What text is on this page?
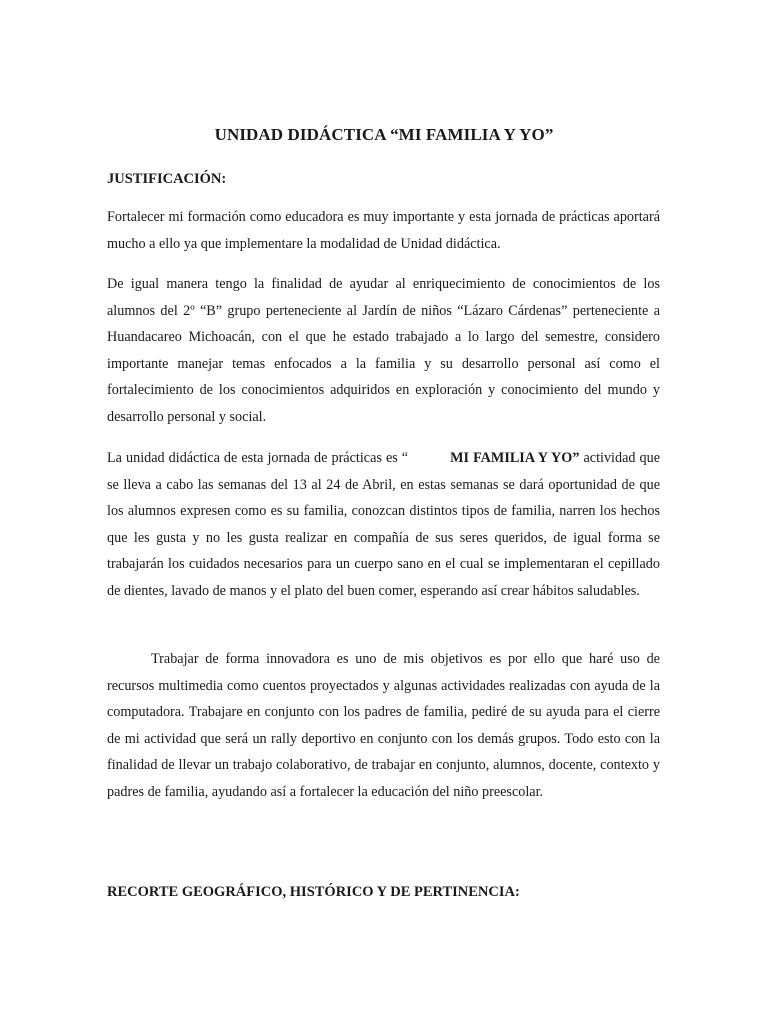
UNIDAD DIDÁCTICA “MI FAMILIA Y YO”
JUSTIFICACIÓN:

Fortalecer mi formación como educadora es muy importante y esta jornada de prácticas aportará mucho a ello ya que implementare la modalidad de Unidad didáctica.

De igual manera tengo la finalidad de ayudar al enriquecimiento de conocimientos de los alumnos del 2º “B” grupo perteneciente al Jardín de niños “Lázaro Cárdenas” perteneciente a Huandacareo Michoacán, con el que he estado trabajado a lo largo del semestre, considero importante manejar temas enfocados a la familia y su desarrollo personal así como el fortalecimiento de los conocimientos adquiridos en exploración y conocimiento del mundo y desarrollo personal y social.

La unidad didáctica de esta jornada de prácticas es “	MI FAMILIA Y YO” actividad que se lleva a cabo las semanas del 13 al 24 de Abril, en estas semanas se dará oportunidad de que los alumnos expresen como es su familia, conozcan distintos tipos de familia, narren los hechos que les gusta y no les gusta realizar en compañía de sus seres queridos, de igual forma se trabajarán los cuidados necesarios para un cuerpo sano en el cual se implementaran el cepillado de dientes, lavado de manos y el plato del buen comer, esperando así crear hábitos saludables.

Trabajar de forma innovadora es uno de mis objetivos es por ello que haré uso de recursos multimedia como cuentos proyectados y algunas actividades realizadas con ayuda de la computadora. Trabajare en conjunto con los padres de familia, pediré de su ayuda para el cierre de mi actividad que será un rally deportivo en conjunto con los demás grupos. Todo esto con la finalidad de llevar un trabajo colaborativo, de trabajar en conjunto, alumnos, docente, contexto y padres de familia, ayudando así a fortalecer la educación del niño preescolar.

RECORTE GEOGRÁFICO, HISTÓRICO Y DE PERTINENCIA:
